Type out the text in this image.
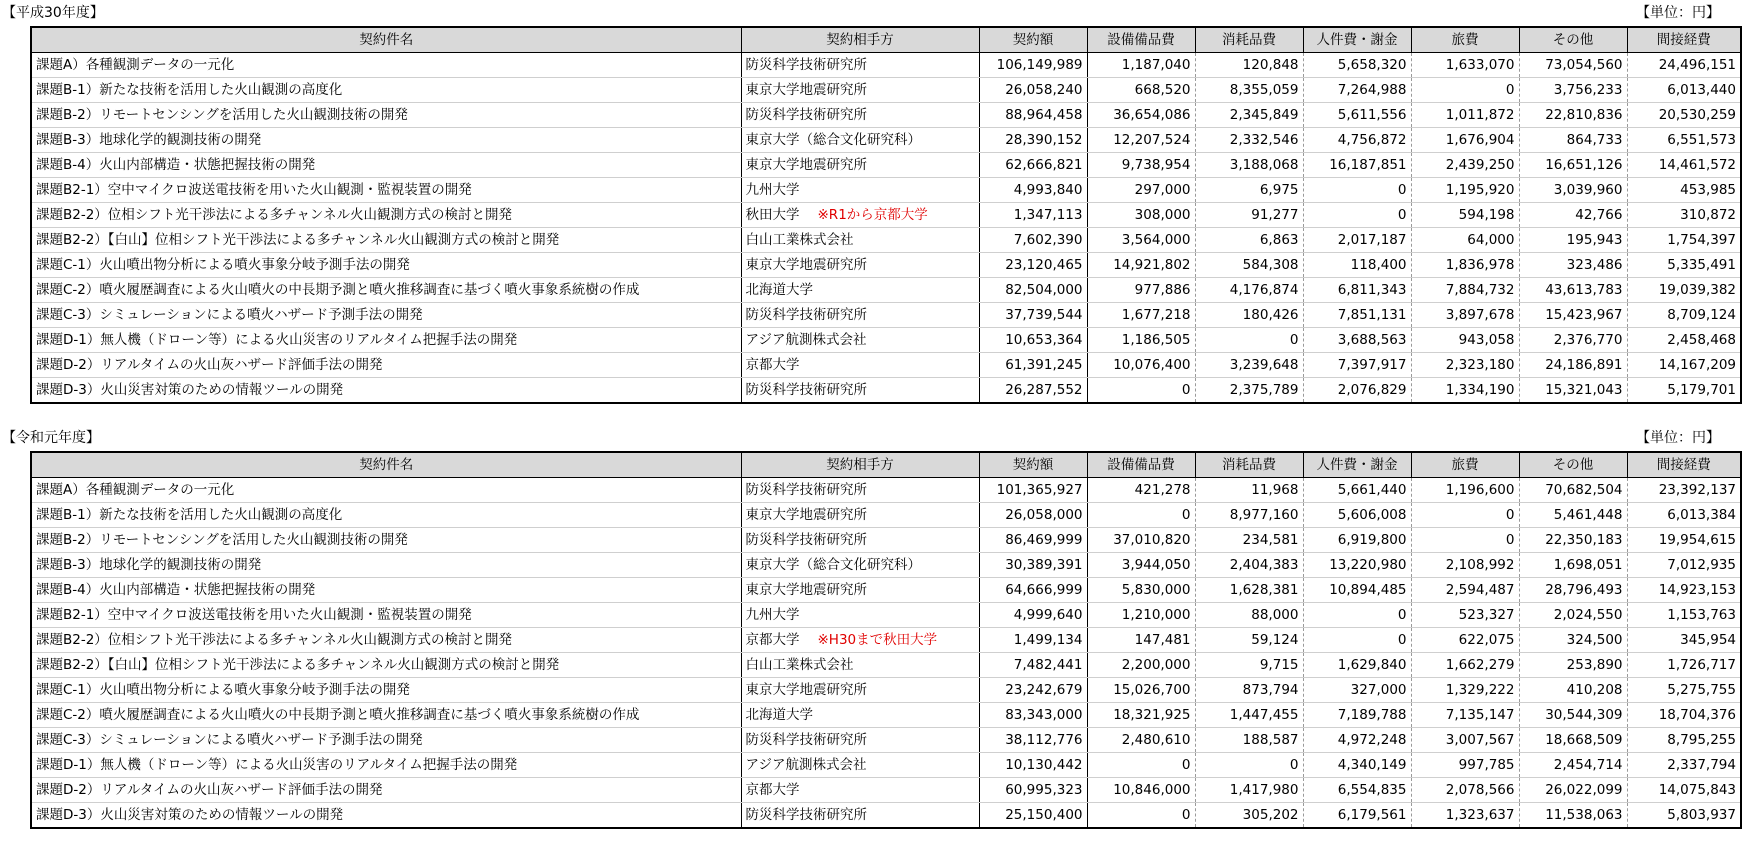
【平成30年度】	【単位：円】
契約件名	契約相手方	契約額	設備備品費	消耗品費	人件費・謝金	旅費	その他	間接経費
課題A）各種観測データの一元化	防災科学技術研究所	106,149,989	1,187,040	120,848	5,658,320	1,633,070	73,054,560	24,496,151
課題B-1）新たな技術を活用した火山観測の高度化	東京大学地震研究所	26,058,240	668,520	8,355,059	7,264,988	0	3,756,233	6,013,440
課題B-2）リモートセンシングを活用した火山観測技術の開発	防災科学技術研究所	88,964,458	36,654,086	2,345,849	5,611,556	1,011,872	22,810,836	20,530,259
課題B-3）地球化学的観測技術の開発	東京大学（総合文化研究科）	28,390,152	12,207,524	2,332,546	4,756,872	1,676,904	864,733	6,551,573
課題B-4）火山内部構造・状態把握技術の開発	東京大学地震研究所	62,666,821	9,738,954	3,188,068	16,187,851	2,439,250	16,651,126	14,461,572
課題B2-1）空中マイクロ波送電技術を用いた火山観測・監視装置の開発	九州大学	4,993,840	297,000	6,975	0	1,195,920	3,039,960	453,985
課題B2-2）位相シフト光干渉法による多チャンネル火山観測方式の検討と開発	秋田大学 ※R1から京都大学	1,347,113	308,000	91,277	0	594,198	42,766	310,872
課題B2-2）【白山】位相シフト光干渉法による多チャンネル火山観測方式の検討と開発	白山工業株式会社	7,602,390	3,564,000	6,863	2,017,187	64,000	195,943	1,754,397
課題C-1）火山噴出物分析による噴火事象分岐予測手法の開発	東京大学地震研究所	23,120,465	14,921,802	584,308	118,400	1,836,978	323,486	5,335,491
課題C-2）噴火履歴調査による火山噴火の中長期予測と噴火推移調査に基づく噴火事象系統樹の作成	北海道大学	82,504,000	977,886	4,176,874	6,811,343	7,884,732	43,613,783	19,039,382
課題C-3）シミュレーションによる噴火ハザード予測手法の開発	防災科学技術研究所	37,739,544	1,677,218	180,426	7,851,131	3,897,678	15,423,967	8,709,124
課題D-1）無人機（ドローン等）による火山災害のリアルタイム把握手法の開発	アジア航測株式会社	10,653,364	1,186,505	0	3,688,563	943,058	2,376,770	2,458,468
課題D-2）リアルタイムの火山灰ハザード評価手法の開発	京都大学	61,391,245	10,076,400	3,239,648	7,397,917	2,323,180	24,186,891	14,167,209
課題D-3）火山災害対策のための情報ツールの開発	防災科学技術研究所	26,287,552	0	2,375,789	2,076,829	1,334,190	15,321,043	5,179,701
【令和元年度】	【単位：円】
契約件名	契約相手方	契約額	設備備品費	消耗品費	人件費・謝金	旅費	その他	間接経費
課題A）各種観測データの一元化	防災科学技術研究所	101,365,927	421,278	11,968	5,661,440	1,196,600	70,682,504	23,392,137
課題B-1）新たな技術を活用した火山観測の高度化	東京大学地震研究所	26,058,000	0	8,977,160	5,606,008	0	5,461,448	6,013,384
課題B-2）リモートセンシングを活用した火山観測技術の開発	防災科学技術研究所	86,469,999	37,010,820	234,581	6,919,800	0	22,350,183	19,954,615
課題B-3）地球化学的観測技術の開発	東京大学（総合文化研究科）	30,389,391	3,944,050	2,404,383	13,220,980	2,108,992	1,698,051	7,012,935
課題B-4）火山内部構造・状態把握技術の開発	東京大学地震研究所	64,666,999	5,830,000	1,628,381	10,894,485	2,594,487	28,796,493	14,923,153
課題B2-1）空中マイクロ波送電技術を用いた火山観測・監視装置の開発	九州大学	4,999,640	1,210,000	88,000	0	523,327	2,024,550	1,153,763
課題B2-2）位相シフト光干渉法による多チャンネル火山観測方式の検討と開発	京都大学 ※H30まで秋田大学	1,499,134	147,481	59,124	0	622,075	324,500	345,954
課題B2-2）【白山】位相シフト光干渉法による多チャンネル火山観測方式の検討と開発	白山工業株式会社	7,482,441	2,200,000	9,715	1,629,840	1,662,279	253,890	1,726,717
課題C-1）火山噴出物分析による噴火事象分岐予測手法の開発	東京大学地震研究所	23,242,679	15,026,700	873,794	327,000	1,329,222	410,208	5,275,755
課題C-2）噴火履歴調査による火山噴火の中長期予測と噴火推移調査に基づく噴火事象系統樹の作成	北海道大学	83,343,000	18,321,925	1,447,455	7,189,788	7,135,147	30,544,309	18,704,376
課題C-3）シミュレーションによる噴火ハザード予測手法の開発	防災科学技術研究所	38,112,776	2,480,610	188,587	4,972,248	3,007,567	18,668,509	8,795,255
課題D-1）無人機（ドローン等）による火山災害のリアルタイム把握手法の開発	アジア航測株式会社	10,130,442	0	0	4,340,149	997,785	2,454,714	2,337,794
課題D-2）リアルタイムの火山灰ハザード評価手法の開発	京都大学	60,995,323	10,846,000	1,417,980	6,554,835	2,078,566	26,022,099	14,075,843
課題D-3）火山災害対策のための情報ツールの開発	防災科学技術研究所	25,150,400	0	305,202	6,179,561	1,323,637	11,538,063	5,803,937
